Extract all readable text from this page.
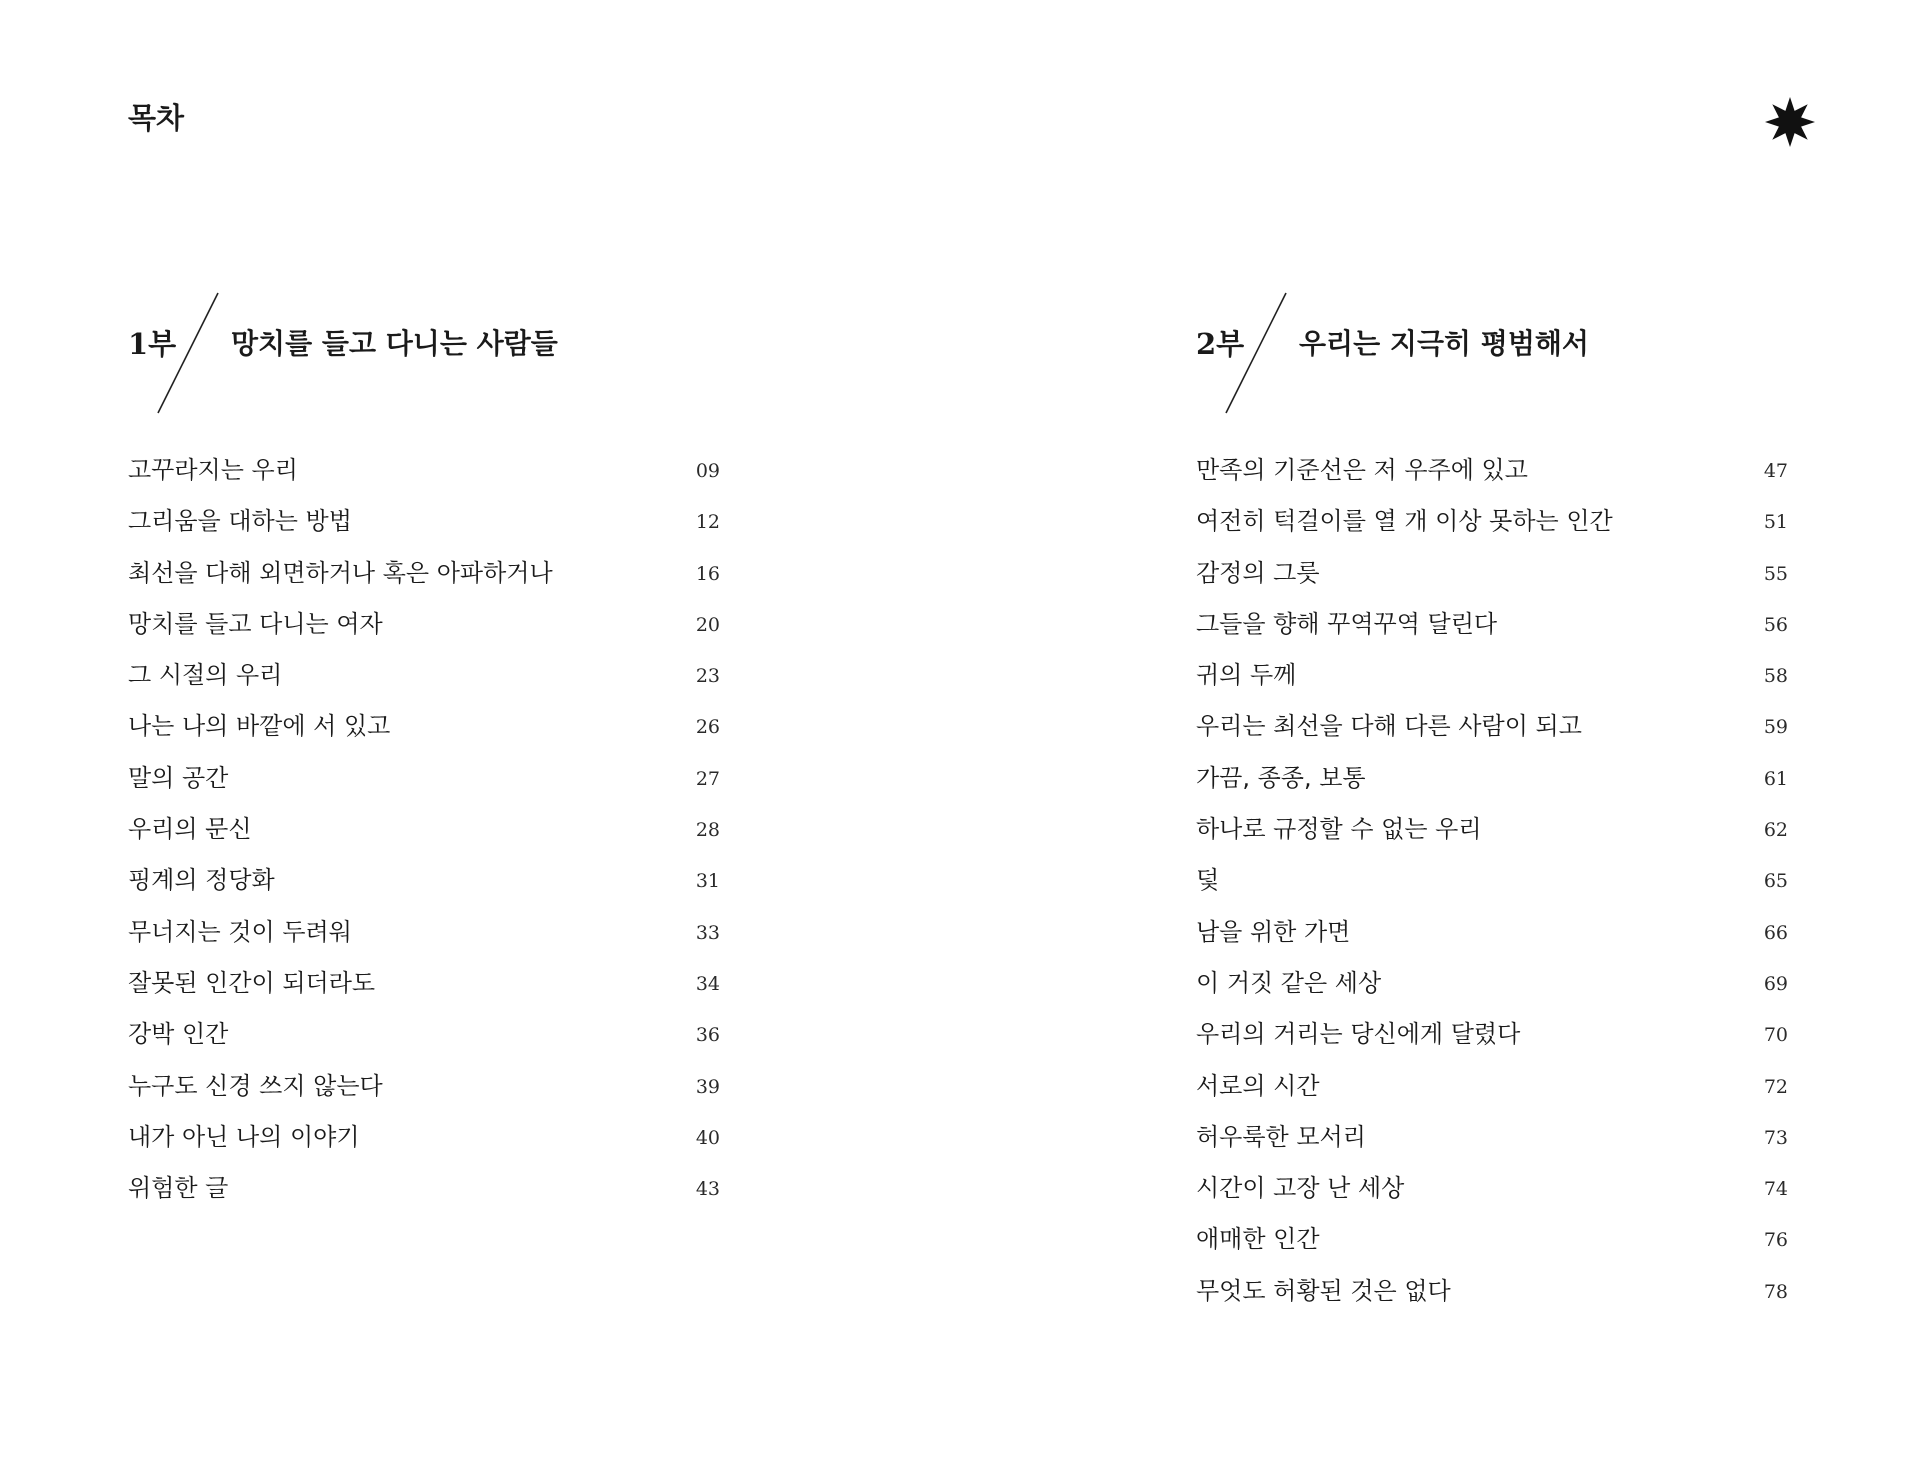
목차
1부 망치를 들고 다니는 사람들
고꾸라지는 우리	09
그리움을 대하는 방법	12
최선을 다해 외면하거나 혹은 아파하거나	16
망치를 들고 다니는 여자	20
그 시절의 우리	23
나는 나의 바깥에 서 있고	26
말의 공간	27
우리의 문신	28
핑계의 정당화	31
무너지는 것이 두려워	33
잘못된 인간이 되더라도	34
강박 인간	36
누구도 신경 쓰지 않는다	39
내가 아닌 나의 이야기	40
위험한 글	43
2부 우리는 지극히 평범해서
만족의 기준선은 저 우주에 있고	47
여전히 턱걸이를 열 개 이상 못하는 인간	51
감정의 그릇	55
그들을 향해 꾸역꾸역 달린다	56
귀의 두께	58
우리는 최선을 다해 다른 사람이 되고	59
가끔, 종종, 보통	61
하나로 규정할 수 없는 우리	62
덫	65
남을 위한 가면	66
이 거짓 같은 세상	69
우리의 거리는 당신에게 달렸다	70
서로의 시간	72
허우룩한 모서리	73
시간이 고장 난 세상	74
애매한 인간	76
무엇도 허황된 것은 없다	78
